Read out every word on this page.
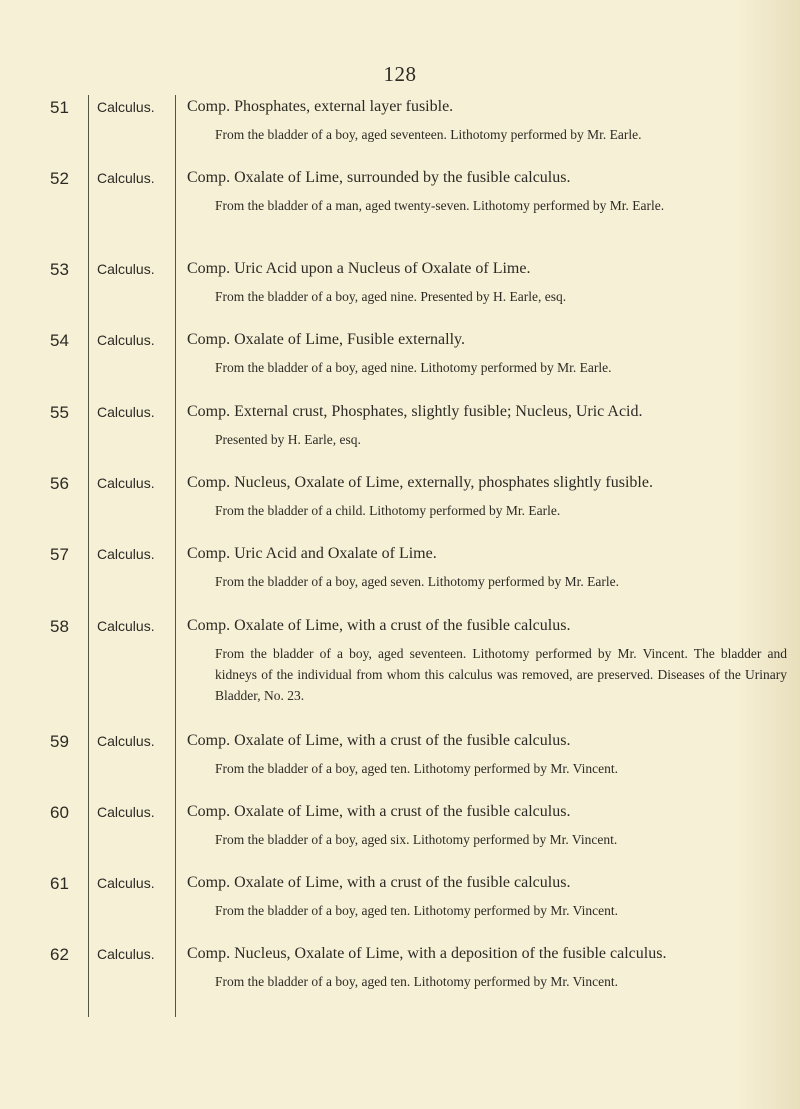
128
51 Calculus. Comp. Phosphates, external layer fusible.
From the bladder of a boy, aged seventeen. Lithotomy performed by Mr. Earle.
52 Calculus. Comp. Oxalate of Lime, surrounded by the fusible calculus.
From the bladder of a man, aged twenty-seven. Lithotomy performed by Mr. Earle.
53 Calculus. Comp. Uric Acid upon a Nucleus of Oxalate of Lime.
From the bladder of a boy, aged nine. Presented by H. Earle, esq.
54 Calculus. Comp. Oxalate of Lime, Fusible externally.
From the bladder of a boy, aged nine. Lithotomy performed by Mr. Earle.
55 Calculus. Comp. External crust, Phosphates, slightly fusible; Nucleus, Uric Acid.
Presented by H. Earle, esq.
56 Calculus. Comp. Nucleus, Oxalate of Lime, externally, phosphates slightly fusible.
From the bladder of a child. Lithotomy performed by Mr. Earle.
57 Calculus. Comp. Uric Acid and Oxalate of Lime.
From the bladder of a boy, aged seven. Lithotomy performed by Mr. Earle.
58 Calculus. Comp. Oxalate of Lime, with a crust of the fusible calculus.
From the bladder of a boy, aged seventeen. Lithotomy performed by Mr. Vincent. The bladder and kidneys of the individual from whom this calculus was removed, are preserved. Diseases of the Urinary Bladder, No. 23.
59 Calculus. Comp. Oxalate of Lime, with a crust of the fusible calculus.
From the bladder of a boy, aged ten. Lithotomy performed by Mr. Vincent.
60 Calculus. Comp. Oxalate of Lime, with a crust of the fusible calculus.
From the bladder of a boy, aged six. Lithotomy performed by Mr. Vincent.
61 Calculus. Comp. Oxalate of Lime, with a crust of the fusible calculus.
From the bladder of a boy, aged ten. Lithotomy performed by Mr. Vincent.
62 Calculus. Comp. Nucleus, Oxalate of Lime, with a deposition of the fusible calculus.
From the bladder of a boy, aged ten. Lithotomy performed by Mr. Vincent.
